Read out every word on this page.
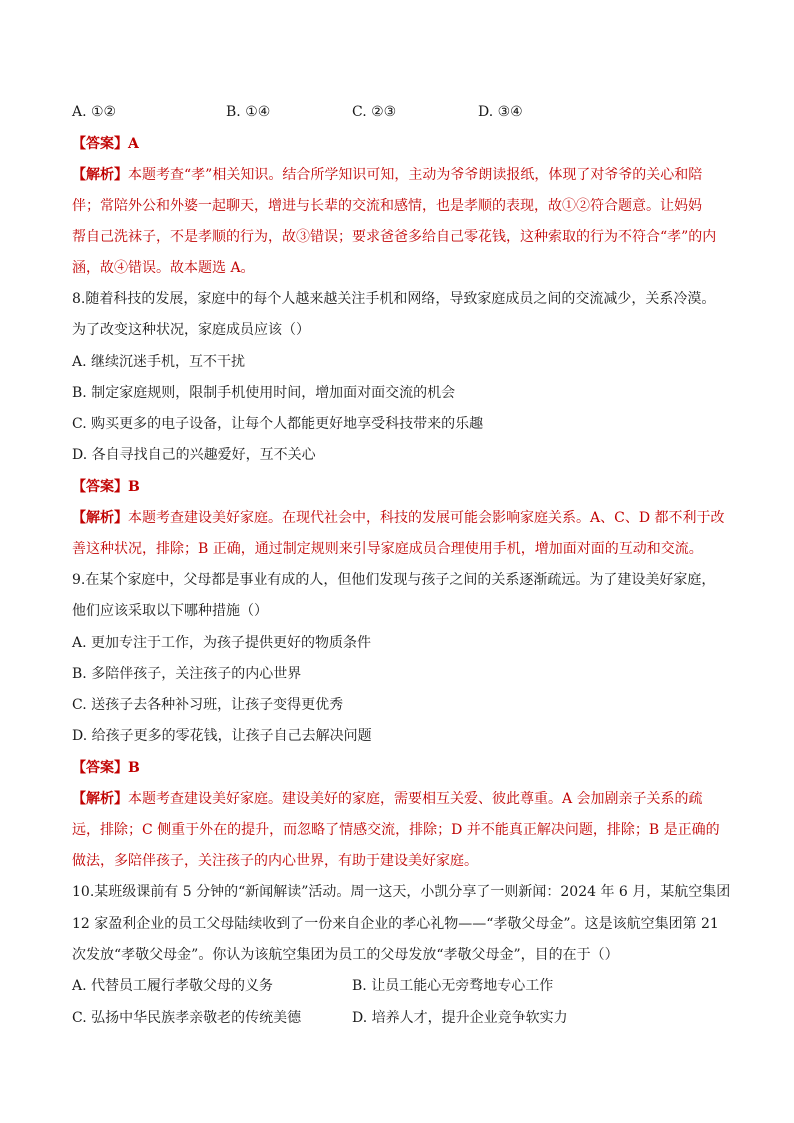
A. ①②	B. ①④	C. ②③	D. ③④
【答案】A
【解析】本题考查“孝”相关知识。结合所学知识可知，主动为爷爷朗读报纸，体现了对爷爷的关心和陪
伴；常陪外公和外婆一起聊天，增进与长辈的交流和感情，也是孝顺的表现，故①②符合题意。让妈妈
帮自己洗袜子，不是孝顺的行为，故③错误；要求爸爸多给自己零花钱，这种索取的行为不符合“孝”的内
涵，故④错误。故本题选 A。
8.随着科技的发展，家庭中的每个人越来越关注手机和网络，导致家庭成员之间的交流减少，关系冷漠。
为了改变这种状况，家庭成员应该（）
A. 继续沉迷手机，互不干扰
B. 制定家庭规则，限制手机使用时间，增加面对面交流的机会
C. 购买更多的电子设备，让每个人都能更好地享受科技带来的乐趣
D. 各自寻找自己的兴趣爱好，互不关心
【答案】B
【解析】本题考查建设美好家庭。在现代社会中，科技的发展可能会影响家庭关系。A、C、D 都不利于改
善这种状况，排除；B 正确，通过制定规则来引导家庭成员合理使用手机，增加面对面的互动和交流。
9.在某个家庭中，父母都是事业有成的人，但他们发现与孩子之间的关系逐渐疏远。为了建设美好家庭，
他们应该采取以下哪种措施（）
A. 更加专注于工作，为孩子提供更好的物质条件
B. 多陪伴孩子，关注孩子的内心世界
C. 送孩子去各种补习班，让孩子变得更优秀
D. 给孩子更多的零花钱，让孩子自己去解决问题
【答案】B
【解析】本题考查建设美好家庭。建设美好的家庭，需要相互关爱、彼此尊重。A 会加剧亲子关系的疏
远，排除；C 侧重于外在的提升，而忽略了情感交流，排除；D 并不能真正解决问题，排除；B 是正确的
做法，多陪伴孩子，关注孩子的内心世界，有助于建设美好家庭。
10.某班级课前有 5 分钟的“新闻解读”活动。周一这天，小凯分享了一则新闻：2024 年 6 月，某航空集团
12 家盈利企业的员工父母陆续收到了一份来自企业的孝心礼物——“孝敬父母金”。这是该航空集团第 21
次发放“孝敬父母金”。你认为该航空集团为员工的父母发放“孝敬父母金”，目的在于（）
A. 代替员工履行孝敬父母的义务	B. 让员工能心无旁骛地专心工作
C. 弘扬中华民族孝亲敬老的传统美德	D. 培养人才，提升企业竞争软实力
